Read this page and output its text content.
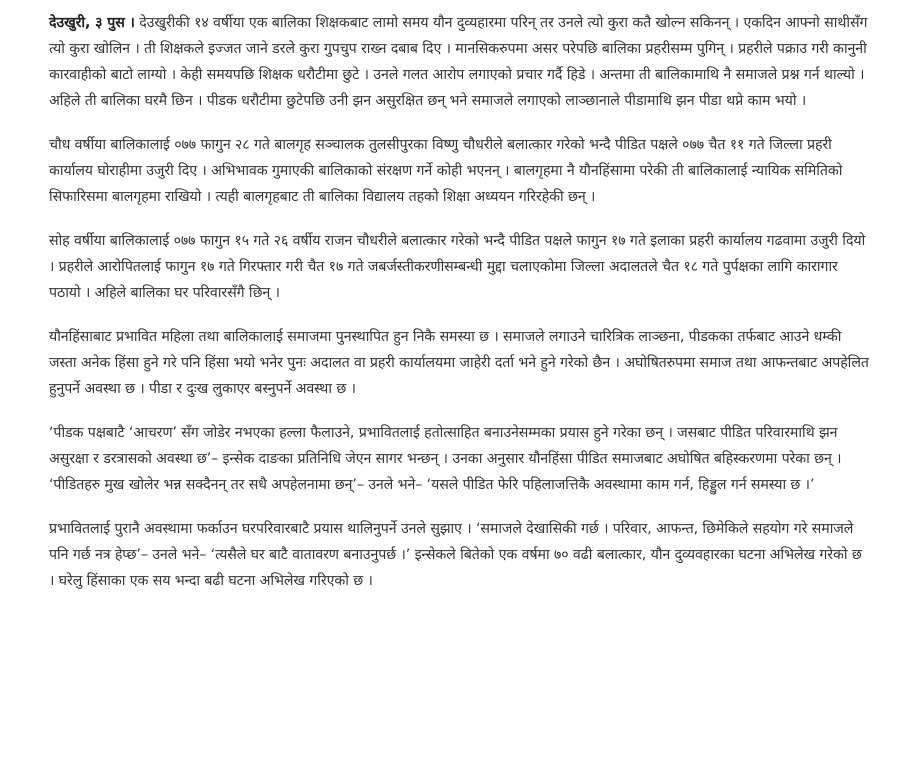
देउखुरी, ३ पुस । देउखुरीकी १४ वर्षीया एक बालिका शिक्षकबाट लामो समय यौन दुव्यहारमा परिन् तर उनले त्यो कुरा कतै खोल्न सकिनन् । एकदिन आफ्नो साथीसँग त्यो कुरा खोलिन । ती शिक्षकले इज्जत जाने डरले कुरा गुपचुप राख्न दबाब दिए । मानसिकरुपमा असर परेपछि बालिका प्रहरीसम्म पुगिन् । प्रहरीले पक्राउ गरी कानुनी कारवाहीको बाटो लाग्यो । केही समयपछि शिक्षक धरौटीमा छुटे । उनले गलत आरोप लगाएको प्रचार गर्दै हिडे । अन्तमा ती बालिकामाथि नै समाजले प्रश्न गर्न थाल्यो । अहिले ती बालिका घरमै छिन । पीडक धरौटीमा छुटेपछि उनी झन असुरक्षित छन् भने समाजले लगाएको लाञ्छानाले पीडामाथि झन पीडा थप्ने काम भयो ।

चौध वर्षीया बालिकालाई ०७७ फागुन २८ गते बालगृह सञ्चालक तुलसीपुरका विष्णु चौधरीले बलात्कार गरेको भन्दै पीडित पक्षले ०७७ चैत ११ गते जिल्ला प्रहरी कार्यालय घोराहीमा उजुरी दिए । अभिभावक गुमाएकी बालिकाको संरक्षण गर्ने कोही भएनन् । बालगृहमा नै यौनहिंसामा परेकी ती बालिकालाई न्यायिक समितिको सिफारिसमा बालगृहमा राखियो । त्यही बालगृहबाट ती बालिका विद्यालय तहको शिक्षा अध्ययन गरिरहेकी छन् ।

सोह वर्षीया बालिकालाई ०७७ फागुन १५ गते २६ वर्षीय राजन चौधरीले बलात्कार गरेको भन्दै पीडित पक्षले फागुन १७ गते इलाका प्रहरी कार्यालय गढवामा उजुरी दियो । प्रहरीले आरोपितलाई फागुन १७ गते गिरफ्तार गरी चैत १७ गते जबर्जस्तीकरणीसम्बन्धी मुद्दा चलाएकोमा जिल्ला अदालतले चैत १८ गते पुर्पक्षका लागि कारागार पठायो । अहिले बालिका घर परिवारसँगै छिन् ।

यौनहिंसाबाट प्रभावित महिला तथा बालिकालाई समाजमा पुनस्थापित हुन निकै समस्या छ । समाजले लगाउने चारित्रिक लाञ्छना, पीडकका तर्फबाट आउने धम्की जस्ता अनेक हिंसा हुने गरे पनि हिंसा भयो भनेर पुनः अदालत वा प्रहरी कार्यालयमा जाहेरी दर्ता भने हुने गरेको छैन । अघोषितरुपमा समाज तथा आफन्तबाट अपहेलित हुनुपर्ने अवस्था छ । पीडा र दुःख लुकाएर बस्नुपर्ने अवस्था छ ।

‘पीडक पक्षबाटै ‘आचरण’ सँग जोडेर नभएका हल्ला फैलाउने, प्रभावितलाई हतोत्साहित बनाउनेसम्मका प्रयास हुने गरेका छन् । जसबाट पीडित परिवारमाथि झन असुरक्षा र डरत्रासको अवस्था छ’– इन्सेक दाङका प्रतिनिधि जेएन सागर भन्छन् । उनका अनुसार यौनहिंसा पीडित समाजबाट अघोषित बहिस्करणमा परेका छन् । ‘पीडितहरु मुख खोलेर भन्न सक्दैनन् तर सधै अपहेलनामा छन्’– उनले भने– ‘यसले पीडित फेरि पहिलाजत्तिकै अवस्थामा काम गर्न, हिड्डुल गर्न समस्या छ ।’

प्रभावितलाई पुरानै अवस्थामा फर्काउन घरपरिवारबाटै प्रयास थालिनुपर्ने उनले सुझाए । ‘समाजले देखासिकी गर्छ । परिवार, आफन्त, छिमेकिले सहयोग गरे समाजले पनि गर्छ नत्र हेप्छ’– उनले भने– ‘त्यसैले घर बाटै वातावरण बनाउनुपर्छ ।’ इन्सेकले बितेको एक वर्षमा ७० वढी बलात्कार, यौन दुव्यवहारका घटना अभिलेख गरेको छ । घरेलु हिंसाका एक सय भन्दा बढी घटना अभिलेख गरिएको छ ।
